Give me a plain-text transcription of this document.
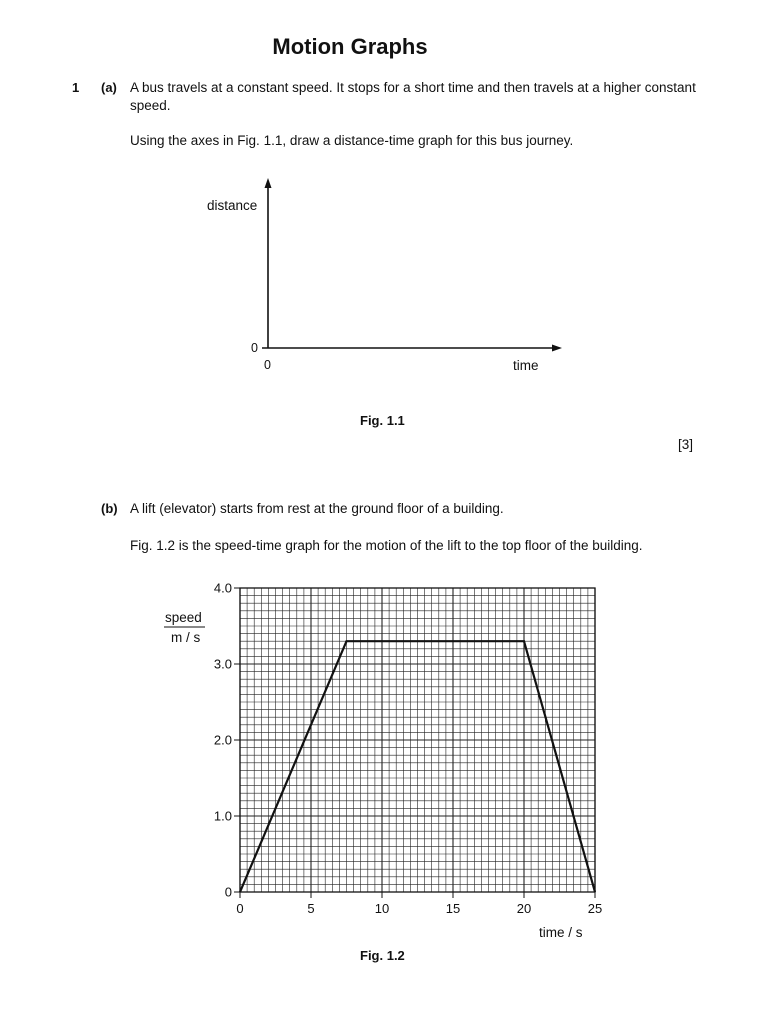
Motion Graphs
1 (a) A bus travels at a constant speed. It stops for a short time and then travels at a higher constant speed.
Using the axes in Fig. 1.1, draw a distance-time graph for this bus journey.
distance
0
0	time
Fig. 1.1
[3]
(b) A lift (elevator) starts from rest at the ground floor of a building.
Fig. 1.2 is the speed-time graph for the motion of the lift to the top floor of the building.
0	5	10	15	20	25
0
1.0
2.0
3.0
4.0
speed
m / s
time / s
Fig. 1.2
